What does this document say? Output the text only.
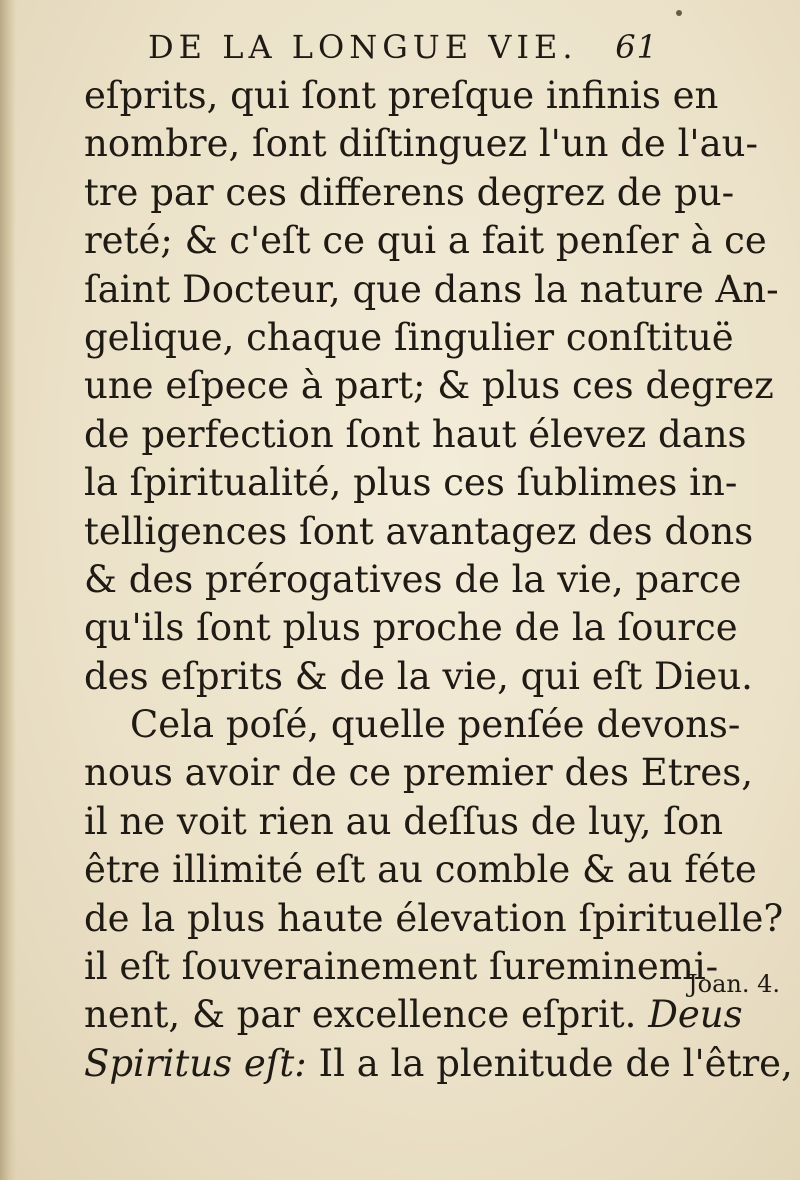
DE LA LONGUE VIE. 61
eſprits, qui ſont preſque infinis en
nombre, ſont diſtinguez l'un de l'au-
tre par ces differens degrez de pu-
reté; & c'eſt ce qui a fait penſer à ce
ſaint Docteur, que dans la nature An-
gelique, chaque ſingulier conſtituë
une eſpece à part; & plus ces degrez
de perfection ſont haut élevez dans
la ſpiritualité, plus ces ſublimes in-
telligences ſont avantagez des dons
& des prérogatives de la vie, parce
qu'ils ſont plus proche de la ſource
des eſprits & de la vie, qui eſt Dieu.
Cela poſé, quelle penſée devons-
nous avoir de ce premier des Etres,
il ne voit rien au deſſus de luy, ſon
être illimité eſt au comble & au féte
de la plus haute élevation ſpirituelle?
il eſt ſouverainement ſureminemi-
nent, & par excellence eſprit. Deus
Spiritus eſt: Il a la plenitude de l'être,
Joan. 4.
